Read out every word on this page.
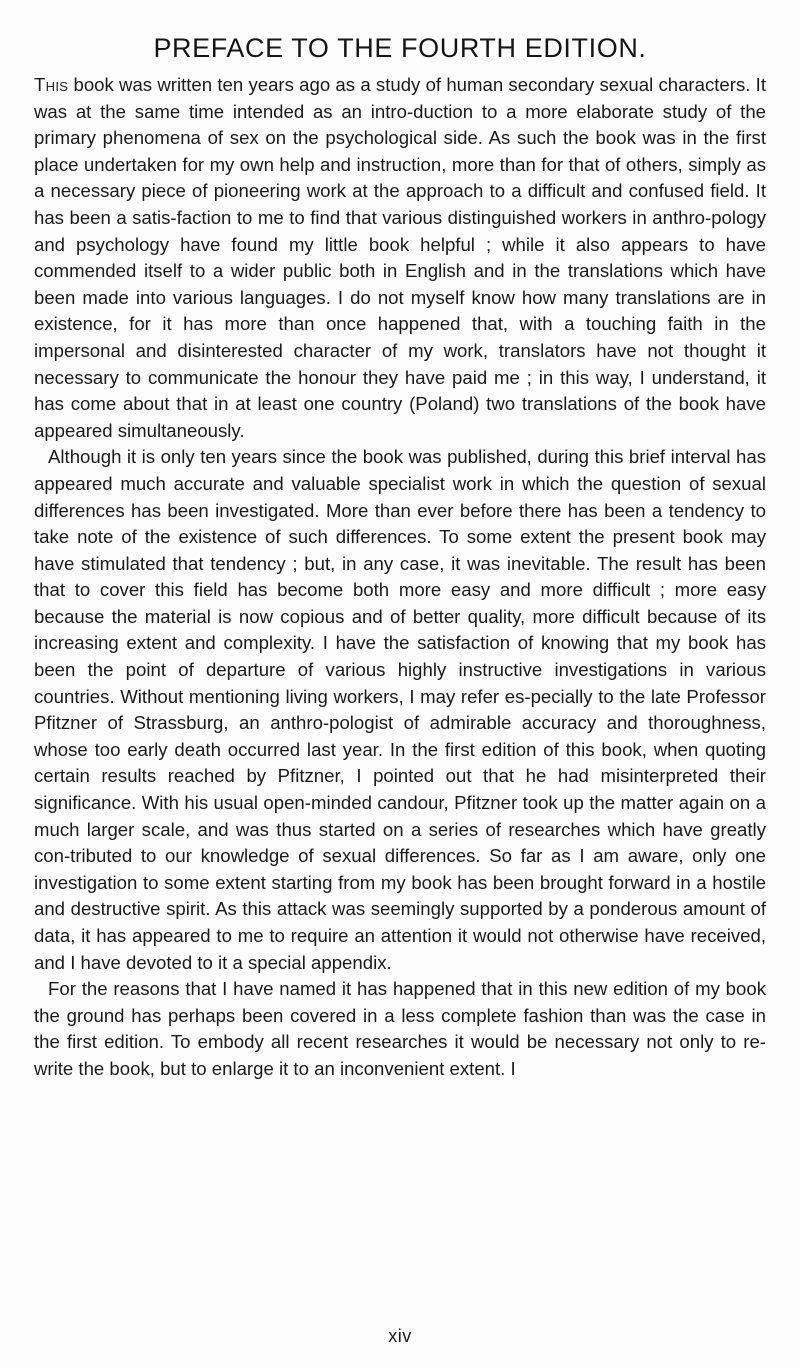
PREFACE TO THE FOURTH EDITION.

This book was written ten years ago as a study of human secondary sexual characters. It was at the same time intended as an intro-duction to a more elaborate study of the primary phenomena of sex on the psychological side. As such the book was in the first place undertaken for my own help and instruction, more than for that of others, simply as a necessary piece of pioneering work at the approach to a difficult and confused field. It has been a satis-faction to me to find that various distinguished workers in anthro-pology and psychology have found my little book helpful ; while it also appears to have commended itself to a wider public both in English and in the translations which have been made into various languages. I do not myself know how many translations are in existence, for it has more than once happened that, with a touching faith in the impersonal and disinterested character of my work, translators have not thought it necessary to communicate the honour they have paid me ; in this way, I understand, it has come about that in at least one country (Poland) two translations of the book have appeared simultaneously.

Although it is only ten years since the book was published, during this brief interval has appeared much accurate and valuable specialist work in which the question of sexual differences has been investigated. More than ever before there has been a tendency to take note of the existence of such differences. To some extent the present book may have stimulated that tendency ; but, in any case, it was inevitable. The result has been that to cover this field has become both more easy and more difficult ; more easy because the material is now copious and of better quality, more difficult because of its increasing extent and complexity. I have the satisfaction of knowing that my book has been the point of departure of various highly instructive investigations in various countries. Without mentioning living workers, I may refer es-pecially to the late Professor Pfitzner of Strassburg, an anthro-pologist of admirable accuracy and thoroughness, whose too early death occurred last year. In the first edition of this book, when quoting certain results reached by Pfitzner, I pointed out that he had misinterpreted their significance. With his usual open-minded candour, Pfitzner took up the matter again on a much larger scale, and was thus started on a series of researches which have greatly con-tributed to our knowledge of sexual differences. So far as I am aware, only one investigation to some extent starting from my book has been brought forward in a hostile and destructive spirit. As this attack was seemingly supported by a ponderous amount of data, it has appeared to me to require an attention it would not otherwise have received, and I have devoted to it a special appendix.

For the reasons that I have named it has happened that in this new edition of my book the ground has perhaps been covered in a less complete fashion than was the case in the first edition. To embody all recent researches it would be necessary not only to re-write the book, but to enlarge it to an inconvenient extent. I

xiv
